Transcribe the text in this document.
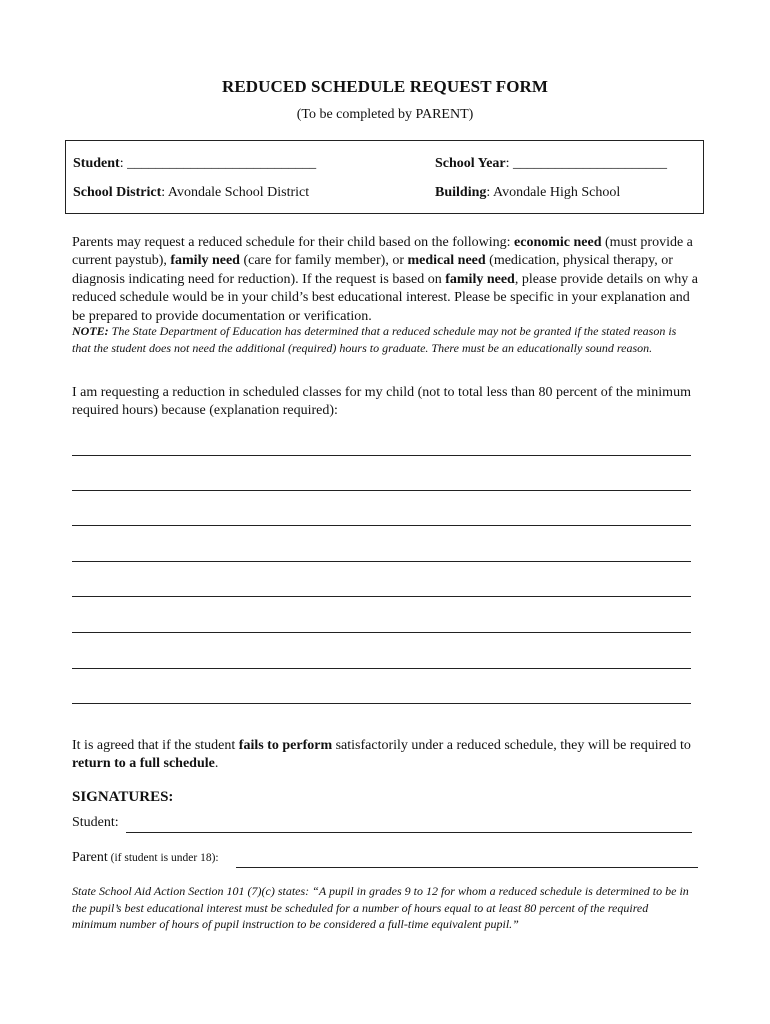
REDUCED SCHEDULE REQUEST FORM
(To be completed by PARENT)
Student: ___________________________	School Year: ______________________
School District: Avondale School District	Building: Avondale High School
Parents may request a reduced schedule for their child based on the following: economic need (must provide a current paystub), family need (care for family member), or medical need (medication, physical therapy, or diagnosis indicating need for reduction). If the request is based on family need, please provide details on why a reduced schedule would be in your child’s best educational interest. Please be specific in your explanation and be prepared to provide documentation or verification.
NOTE: The State Department of Education has determined that a reduced schedule may not be granted if the stated reason is that the student does not need the additional (required) hours to graduate. There must be an educationally sound reason.
I am requesting a reduction in scheduled classes for my child (not to total less than 80 percent of the minimum required hours) because (explanation required):
It is agreed that if the student fails to perform satisfactorily under a reduced schedule, they will be required to return to a full schedule.
SIGNATURES:
Student:
Parent (if student is under 18):
State School Aid Action Section 101 (7)(c) states: “A pupil in grades 9 to 12 for whom a reduced schedule is determined to be in the pupil’s best educational interest must be scheduled for a number of hours equal to at least 80 percent of the required minimum number of hours of pupil instruction to be considered a full-time equivalent pupil.”
